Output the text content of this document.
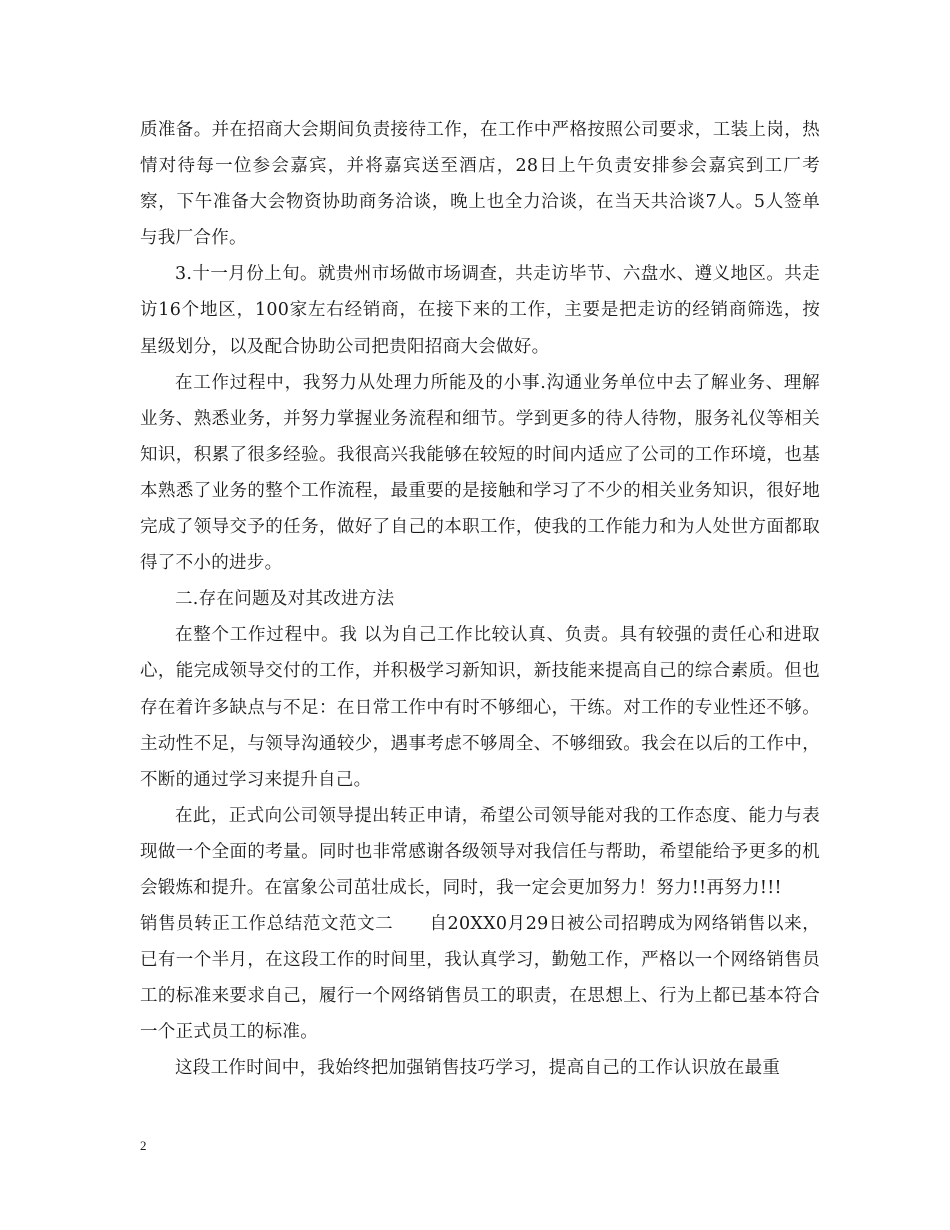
质准备。并在招商大会期间负责接待工作，在工作中严格按照公司要求，工装上岗，热情对待每一位参会嘉宾，并将嘉宾送至酒店，28日上午负责安排参会嘉宾到工厂考察，下午准备大会物资协助商务洽谈，晚上也全力洽谈，在当天共洽谈7人。5人签单与我厂合作。

3.十一月份上旬。就贵州市场做市场调查，共走访毕节、六盘水、遵义地区。共走访16个地区，100家左右经销商，在接下来的工作，主要是把走访的经销商筛选，按星级划分，以及配合协助公司把贵阳招商大会做好。

在工作过程中，我努力从处理力所能及的小事.沟通业务单位中去了解业务、理解业务、熟悉业务，并努力掌握业务流程和细节。学到更多的待人待物，服务礼仪等相关知识，积累了很多经验。我很高兴我能够在较短的时间内适应了公司的工作环境，也基本熟悉了业务的整个工作流程，最重要的是接触和学习了不少的相关业务知识，很好地完成了领导交予的任务，做好了自己的本职工作，使我的工作能力和为人处世方面都取得了不小的进步。

二.存在问题及对其改进方法

在整个工作过程中。我 以为自己工作比较认真、负责。具有较强的责任心和进取心，能完成领导交付的工作，并积极学习新知识，新技能来提高自己的综合素质。但也存在着许多缺点与不足：在日常工作中有时不够细心，干练。对工作的专业性还不够。主动性不足，与领导沟通较少，遇事考虑不够周全、不够细致。我会在以后的工作中，不断的通过学习来提升自己。

在此，正式向公司领导提出转正申请，希望公司领导能对我的工作态度、能力与表现做一个全面的考量。同时也非常感谢各级领导对我信任与帮助，希望能给予更多的机会锻炼和提升。在富象公司茁壮成长，同时，我一定会更加努力！努力!!再努力!!!

销售员转正工作总结范文范文二　　自20XX0月29日被公司招聘成为网络销售以来，已有一个半月，在这段工作的时间里，我认真学习，勤勉工作，严格以一个网络销售员工的标准来要求自己，履行一个网络销售员工的职责，在思想上、行为上都已基本符合一个正式员工的标准。

这段工作时间中，我始终把加强销售技巧学习，提高自己的工作认识放在最重

2
